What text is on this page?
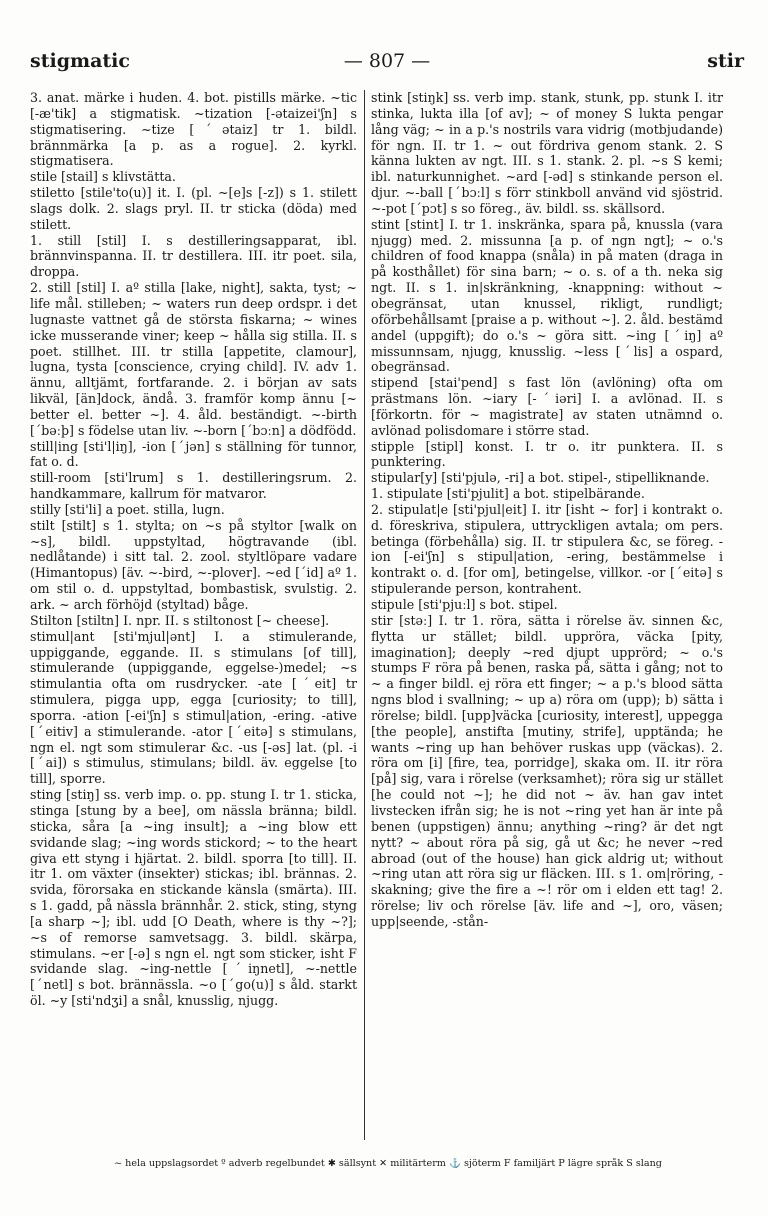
stigmatic	— 807 —	stir

3. anat. märke i huden. 4. bot. pistills märke. ~tic [-æ'tik] a stigmatisk. ~tization [-ətaizei'ʃn] s stigmatisering. ~tize [ˊətaiz] tr 1. bildl. brännmärka [a p. as a rogue]. 2. kyrkl. stigmatisera.

stile [stail] s klivstätta.

stiletto [stile'to(u)] it. I. (pl. ~[e]s [-z]) s 1. stilett slags dolk. 2. slags pryl. II. tr sticka (döda) med stilett.

1. still [stil] I. s destilleringsapparat, ibl. brännvinspanna. II. tr destillera. III. itr poet. sila, droppa.

2. still [stil] I. aº stilla [lake, night], sakta, tyst; ~ life mål. stilleben; ~ waters run deep ordspr. i det lugnaste vattnet gå de största fiskarna; ~ wines icke musserande viner; keep ~ hålla sig stilla. II. s poet. stillhet. III. tr stilla [appetite, clamour], lugna, tysta [conscience, crying child]. IV. adv 1. ännu, alltjämt, fortfarande. 2. i början av sats likväl, [än]dock, ändå. 3. framför komp ännu [~ better el. better ~]. 4. åld. beständigt. ~-birth [ˊbəːþ] s födelse utan liv. ~-born [ˊbɔːn] a dödfödd.

still|ing [sti'l|iŋ], -ion [ˊjən] s ställning för tunnor, fat o. d.

still-room [sti'lrum] s 1. destilleringsrum. 2. handkammare, kallrum för matvaror.

stilly [sti'li] a poet. stilla, lugn.

stilt [stilt] s 1. stylta; on ~s på styltor [walk on ~s], bildl. uppstyltad, högtravande (ibl. nedlåtande) i sitt tal. 2. zool. styltlöpare vadare (Himantopus) [äv. ~-bird, ~-plover]. ~ed [ˊid] aº 1. om stil o. d. uppstyltad, bombastisk, svulstig. 2. ark. ~ arch förhöjd (styltad) båge.

Stilton [stiltn] I. npr. II. s stiltonost [~ cheese].

stimul|ant [sti'mjul|ənt] I. a stimulerande, uppiggande, eggande. II. s stimulans [of till], stimulerande (uppiggande, eggelse-)medel; ~s stimulantia ofta om rusdrycker. -ate [ˊeit] tr stimulera, pigga upp, egga [curiosity; to till], sporra. -ation [-ei'ʃn] s stimul|ation, -ering. -ative [ˊeitiv] a stimulerande. -ator [ˊeitə] s stimulans, ngn el. ngt som stimulerar &c. -us [-əs] lat. (pl. -i [ˊai]) s stimulus, stimulans; bildl. äv. eggelse [to till], sporre.

sting [stiŋ] ss. verb imp. o. pp. stung I. tr 1. sticka, stinga [stung by a bee], om nässla bränna; bildl. sticka, såra [a ~ing insult]; a ~ing blow ett svidande slag; ~ing words stickord; ~ to the heart giva ett styng i hjärtat. 2. bildl. sporra [to till]. II. itr 1. om växter (insekter) stickas; ibl. brännas. 2. svida, förorsaka en stickande känsla (smärta). III. s 1. gadd, på nässla brännhår. 2. stick, sting, styng [a sharp ~]; ibl. udd [O Death, where is thy ~?]; ~s of remorse samvetsagg. 3. bildl. skärpa, stimulans. ~er [-ə] s ngn el. ngt som sticker, isht F svidande slag. ~ing-nettle [ˊiŋnetl], ~-nettle [ˊnetl] s bot. brännässla. ~o [ˊgo(u)] s åld. starkt öl. ~y [sti'ndʒi] a snål, knusslig, njugg.

stink [stiŋk] ss. verb imp. stank, stunk, pp. stunk I. itr stinka, lukta illa [of av]; ~ of money S lukta pengar lång väg; ~ in a p.'s nostrils vara vidrig (motbjudande) för ngn. II. tr 1. ~ out fördriva genom stank. 2. S känna lukten av ngt. III. s 1. stank. 2. pl. ~s S kemi; ibl. naturkunnighet. ~ard [-əd] s stinkande person el. djur. ~-ball [ˊbɔːl] s förr stinkboll använd vid sjöstrid. ~-pot [ˊpɔt] s so föreg., äv. bildl. ss. skällsord.

stint [stint] I. tr 1. inskränka, spara på, knussla (vara njugg) med. 2. missunna [a p. of ngn ngt]; ~ o.'s children of food knappa (snåla) in på maten (draga in på kosthållet) för sina barn; ~ o. s. of a th. neka sig ngt. II. s 1. in|skränkning, -knappning: without ~ obegränsat, utan knussel, rikligt, rundligt; oförbehållsamt [praise a p. without ~]. 2. åld. bestämd andel (uppgift); do o.'s ~ göra sitt. ~ing [ˊiŋ] aº missunnsam, njugg, knusslig. ~less [ˊlis] a ospard, obegränsad.

stipend [stai'pend] s fast lön (avlöning) ofta om prästmans lön. ~iary [-ˊiəri] I. a avlönad. II. s [förkortn. för ~ magistrate] av staten utnämnd o. avlönad polisdomare i större stad.

stipple [stipl] konst. I. tr o. itr punktera. II. s punktering.

stipular[y] [sti'pjulə, -ri] a bot. stipel-, stipelliknande.

1. stipulate [sti'pjulit] a bot. stipelbärande.

2. stipulat|e [sti'pjul|eit] I. itr [isht ~ for] i kontrakt o. d. föreskriva, stipulera, uttryckligen avtala; om pers. betinga (förbehålla) sig. II. tr stipulera &c, se föreg. -ion [-ei'ʃn] s stipul|ation, -ering, bestämmelse i kontrakt o. d. [for om], betingelse, villkor. -or [ˊeitə] s stipulerande person, kontrahent.

stipule [sti'pjuːl] s bot. stipel.

stir [stəː] I. tr 1. röra, sätta i rörelse äv. sinnen &c, flytta ur stället; bildl. uppröra, väcka [pity, imagination]; deeply ~red djupt upprörd; ~ o.'s stumps F röra på benen, raska på, sätta i gång; not to ~ a finger bildl. ej röra ett finger; ~ a p.'s blood sätta ngns blod i svallning; ~ up a) röra om (upp); b) sätta i rörelse; bildl. [upp]väcka [curiosity, interest], uppegga [the people], anstifta [mutiny, strife], upptända; he wants ~ring up han behöver ruskas upp (väckas). 2. röra om [i] [fire, tea, porridge], skaka om. II. itr röra [på] sig, vara i rörelse (verksamhet); röra sig ur stället [he could not ~]; he did not ~ äv. han gav intet livstecken ifrån sig; he is not ~ring yet han är inte på benen (uppstigen) ännu; anything ~ring? är det ngt nytt? ~ about röra på sig, gå ut &c; he never ~red abroad (out of the house) han gick aldrig ut; without ~ring utan att röra sig ur fläcken. III. s 1. om|röring, -skakning; give the fire a ~! rör om i elden ett tag! 2. rörelse; liv och rörelse [äv. life and ~], oro, väsen; upp|seende, -stån-

~ hela uppslagsordet º adverb regelbundet ✱ sällsynt ✕ militärterm ⚓ sjöterm F familjärt P lägre språk S slang
